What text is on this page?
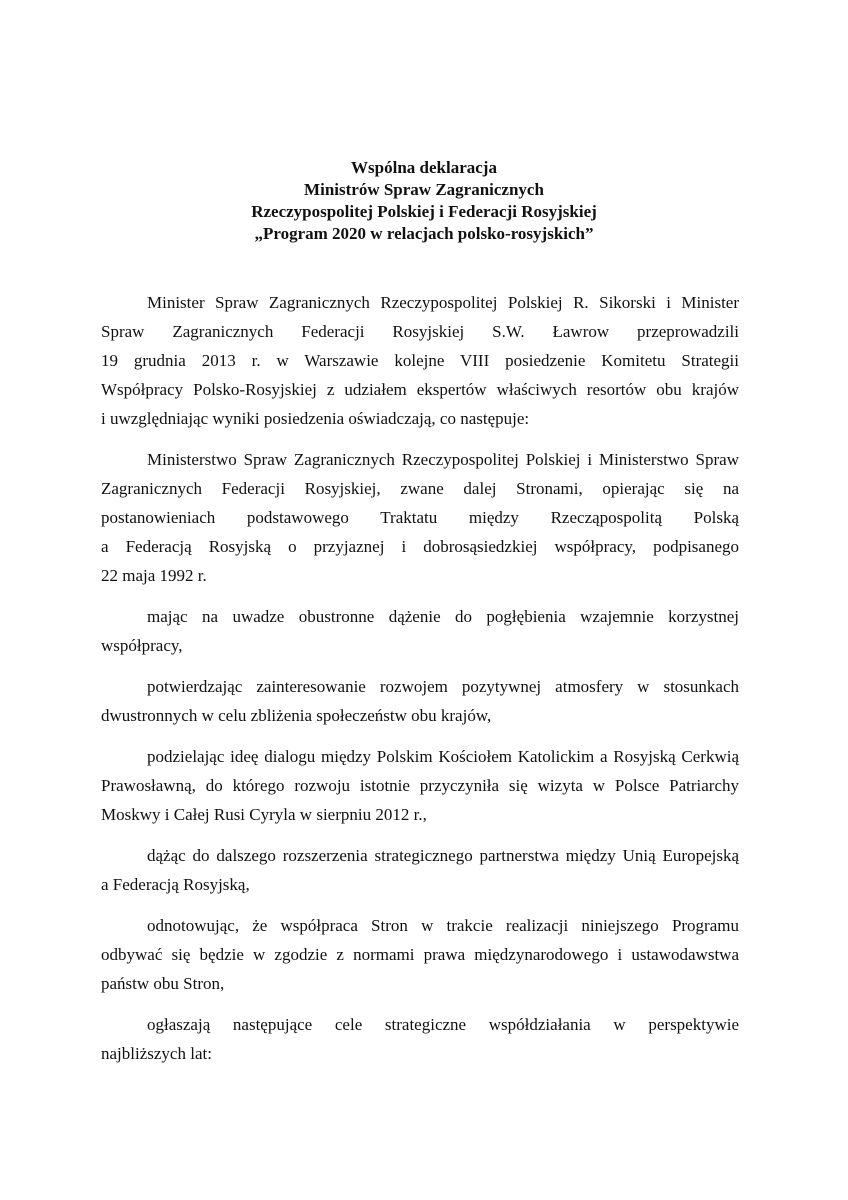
Wspólna deklaracja
Ministrów Spraw Zagranicznych
Rzeczypospolitej Polskiej i Federacji Rosyjskiej
„Program 2020 w relacjach polsko-rosyjskich”
Minister Spraw Zagranicznych Rzeczypospolitej Polskiej R. Sikorski i Minister
Spraw Zagranicznych Federacji Rosyjskiej S.W. Ławrow przeprowadzili
19 grudnia 2013 r. w Warszawie kolejne VIII posiedzenie Komitetu Strategii
Współpracy Polsko-Rosyjskiej z udziałem ekspertów właściwych resortów obu krajów
i uwzględniając wyniki posiedzenia oświadczają, co następuje:
Ministerstwo Spraw Zagranicznych Rzeczypospolitej Polskiej i Ministerstwo Spraw
Zagranicznych Federacji Rosyjskiej, zwane dalej Stronami, opierając się na
postanowieniach podstawowego Traktatu między Rzecząpospolitą Polską
a Federacją Rosyjską o przyjaznej i dobrosąsiedzkiej współpracy, podpisanego
22 maja 1992 r.
mając na uwadze obustronne dążenie do pogłębienia wzajemnie korzystnej
współpracy,
potwierdzając zainteresowanie rozwojem pozytywnej atmosfery w stosunkach
dwustronnych w celu zbliżenia społeczeństw obu krajów,
podzielając ideę dialogu między Polskim Kościołem Katolickim a Rosyjską Cerkwią
Prawosławną, do którego rozwoju istotnie przyczyniła się wizyta w Polsce Patriarchy
Moskwy i Całej Rusi Cyryla w sierpniu 2012 r.,
dążąc do dalszego rozszerzenia strategicznego partnerstwa między Unią Europejską
a Federacją Rosyjską,
odnotowując, że współpraca Stron w trakcie realizacji niniejszego Programu
odbywać się będzie w zgodzie z normami prawa międzynarodowego i ustawodawstwa
państw obu Stron,
ogłaszają następujące cele strategiczne współdziałania w perspektywie
najbliższych lat:
